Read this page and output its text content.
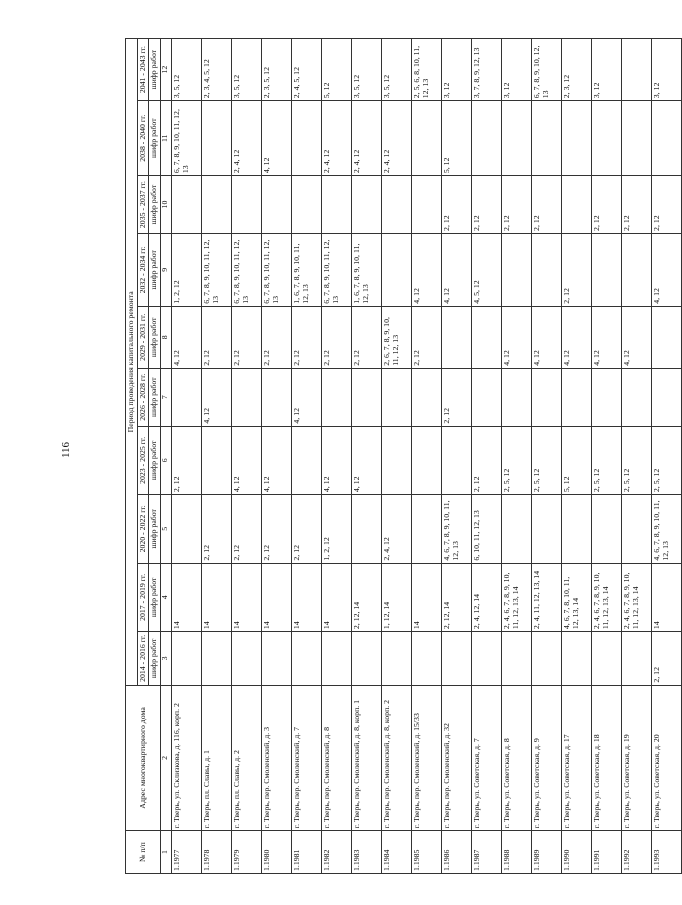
116
№ п/п	Адрес многоквартирного дома	Период проведения капитального ремонта									
		2014 - 2016 гг.	2017 - 2019 гг.	2020 - 2022 гг.	2023 - 2025 гг.	2026 - 2028 гг.	2029 - 2031 гг.	2032 - 2034 гг.	2035 - 2037 гг.	2038 - 2040 гг.	2041 - 2043 гг.
		шифр работ	шифр работ	шифр работ	шифр работ	шифр работ	шифр работ	шифр работ	шифр работ	шифр работ	шифр работ
1	2	3	4	5	6	7	8	9	10	11	12
1.1977	г. Тверь, ул. Склизкова, д. 116, корп. 2		14		2, 12		4, 12	1, 2, 12		6, 7, 8, 9, 10, 11, 12, 13	3, 5, 12
1.1978	г. Тверь, пл. Славы, д. 1		14	2, 12		4, 12	2, 12	6, 7, 8, 9, 10, 11, 12, 13			2, 3, 4, 5, 12
1.1979	г. Тверь, пл. Славы, д. 2		14	2, 12	4, 12		2, 12	6, 7, 8, 9, 10, 11, 12, 13		2, 4, 12	3, 5, 12
1.1980	г. Тверь, пер. Смоленский, д. 3		14	2, 12	4, 12		2, 12	6, 7, 8, 9, 10, 11, 12, 13		4, 12	2, 3, 5, 12
1.1981	г. Тверь, пер. Смоленский, д. 7		14	2, 12		4, 12	2, 12	1, 6, 7, 8, 9, 10, 11, 12, 13			2, 4, 5, 12
1.1982	г. Тверь, пер. Смоленский, д. 8		14	1, 2, 12	4, 12		2, 12	6, 7, 8, 9, 10, 11, 12, 13		2, 4, 12	5, 12
1.1983	г. Тверь, пер. Смоленский, д. 8, корп. 1		2, 12, 14		4, 12		2, 12	1, 6, 7, 8, 9, 10, 11, 12, 13		2, 4, 12	3, 5, 12
1.1984	г. Тверь, пер. Смоленский, д. 8, корп. 2		1, 12, 14	2, 4, 12			2, 6, 7, 8, 9, 10, 11, 12, 13			2, 4, 12	3, 5, 12
1.1985	г. Тверь, пер. Смоленский, д. 15/33		14				2, 12	4, 12			2, 5, 6, 8, 10, 11, 12, 13
1.1986	г. Тверь, пер. Смоленский, д. 32		2, 12, 14	4, 6, 7, 8, 9, 10, 11, 12, 13		2, 12		4, 12	2, 12	5, 12	3, 12
1.1987	г. Тверь, ул. Советская, д. 7		2, 4, 12, 14	6, 10, 11, 12, 13	2, 12			4, 5, 12	2, 12		3, 7, 8, 9, 12, 13
1.1988	г. Тверь, ул. Советская, д. 8		2, 4, 6, 7, 8, 9, 10, 11, 12, 13, 14		2, 5, 12		4, 12		2, 12		3, 12
1.1989	г. Тверь, ул. Советская, д. 9		2, 4, 11, 12, 13, 14		2, 5, 12		4, 12		2, 12		6, 7, 8, 9, 10, 12, 13
1.1990	г. Тверь, ул. Советская, д. 17		4, 6, 7, 8, 10, 11, 12, 13, 14		5, 12		4, 12	2, 12			2, 3, 12
1.1991	г. Тверь, ул. Советская, д. 18		2, 4, 6, 7, 8, 9, 10, 11, 12, 13, 14		2, 5, 12		4, 12		2, 12		3, 12
1.1992	г. Тверь, ул. Советская, д. 19		2, 4, 6, 7, 8, 9, 10, 11, 12, 13, 14		2, 5, 12		4, 12		2, 12		
1.1993	г. Тверь, ул. Советская, д. 20	2, 12	14	4, 6, 7, 8, 9, 10, 11, 12, 13	2, 5, 12			4, 12	2, 12		3, 12
